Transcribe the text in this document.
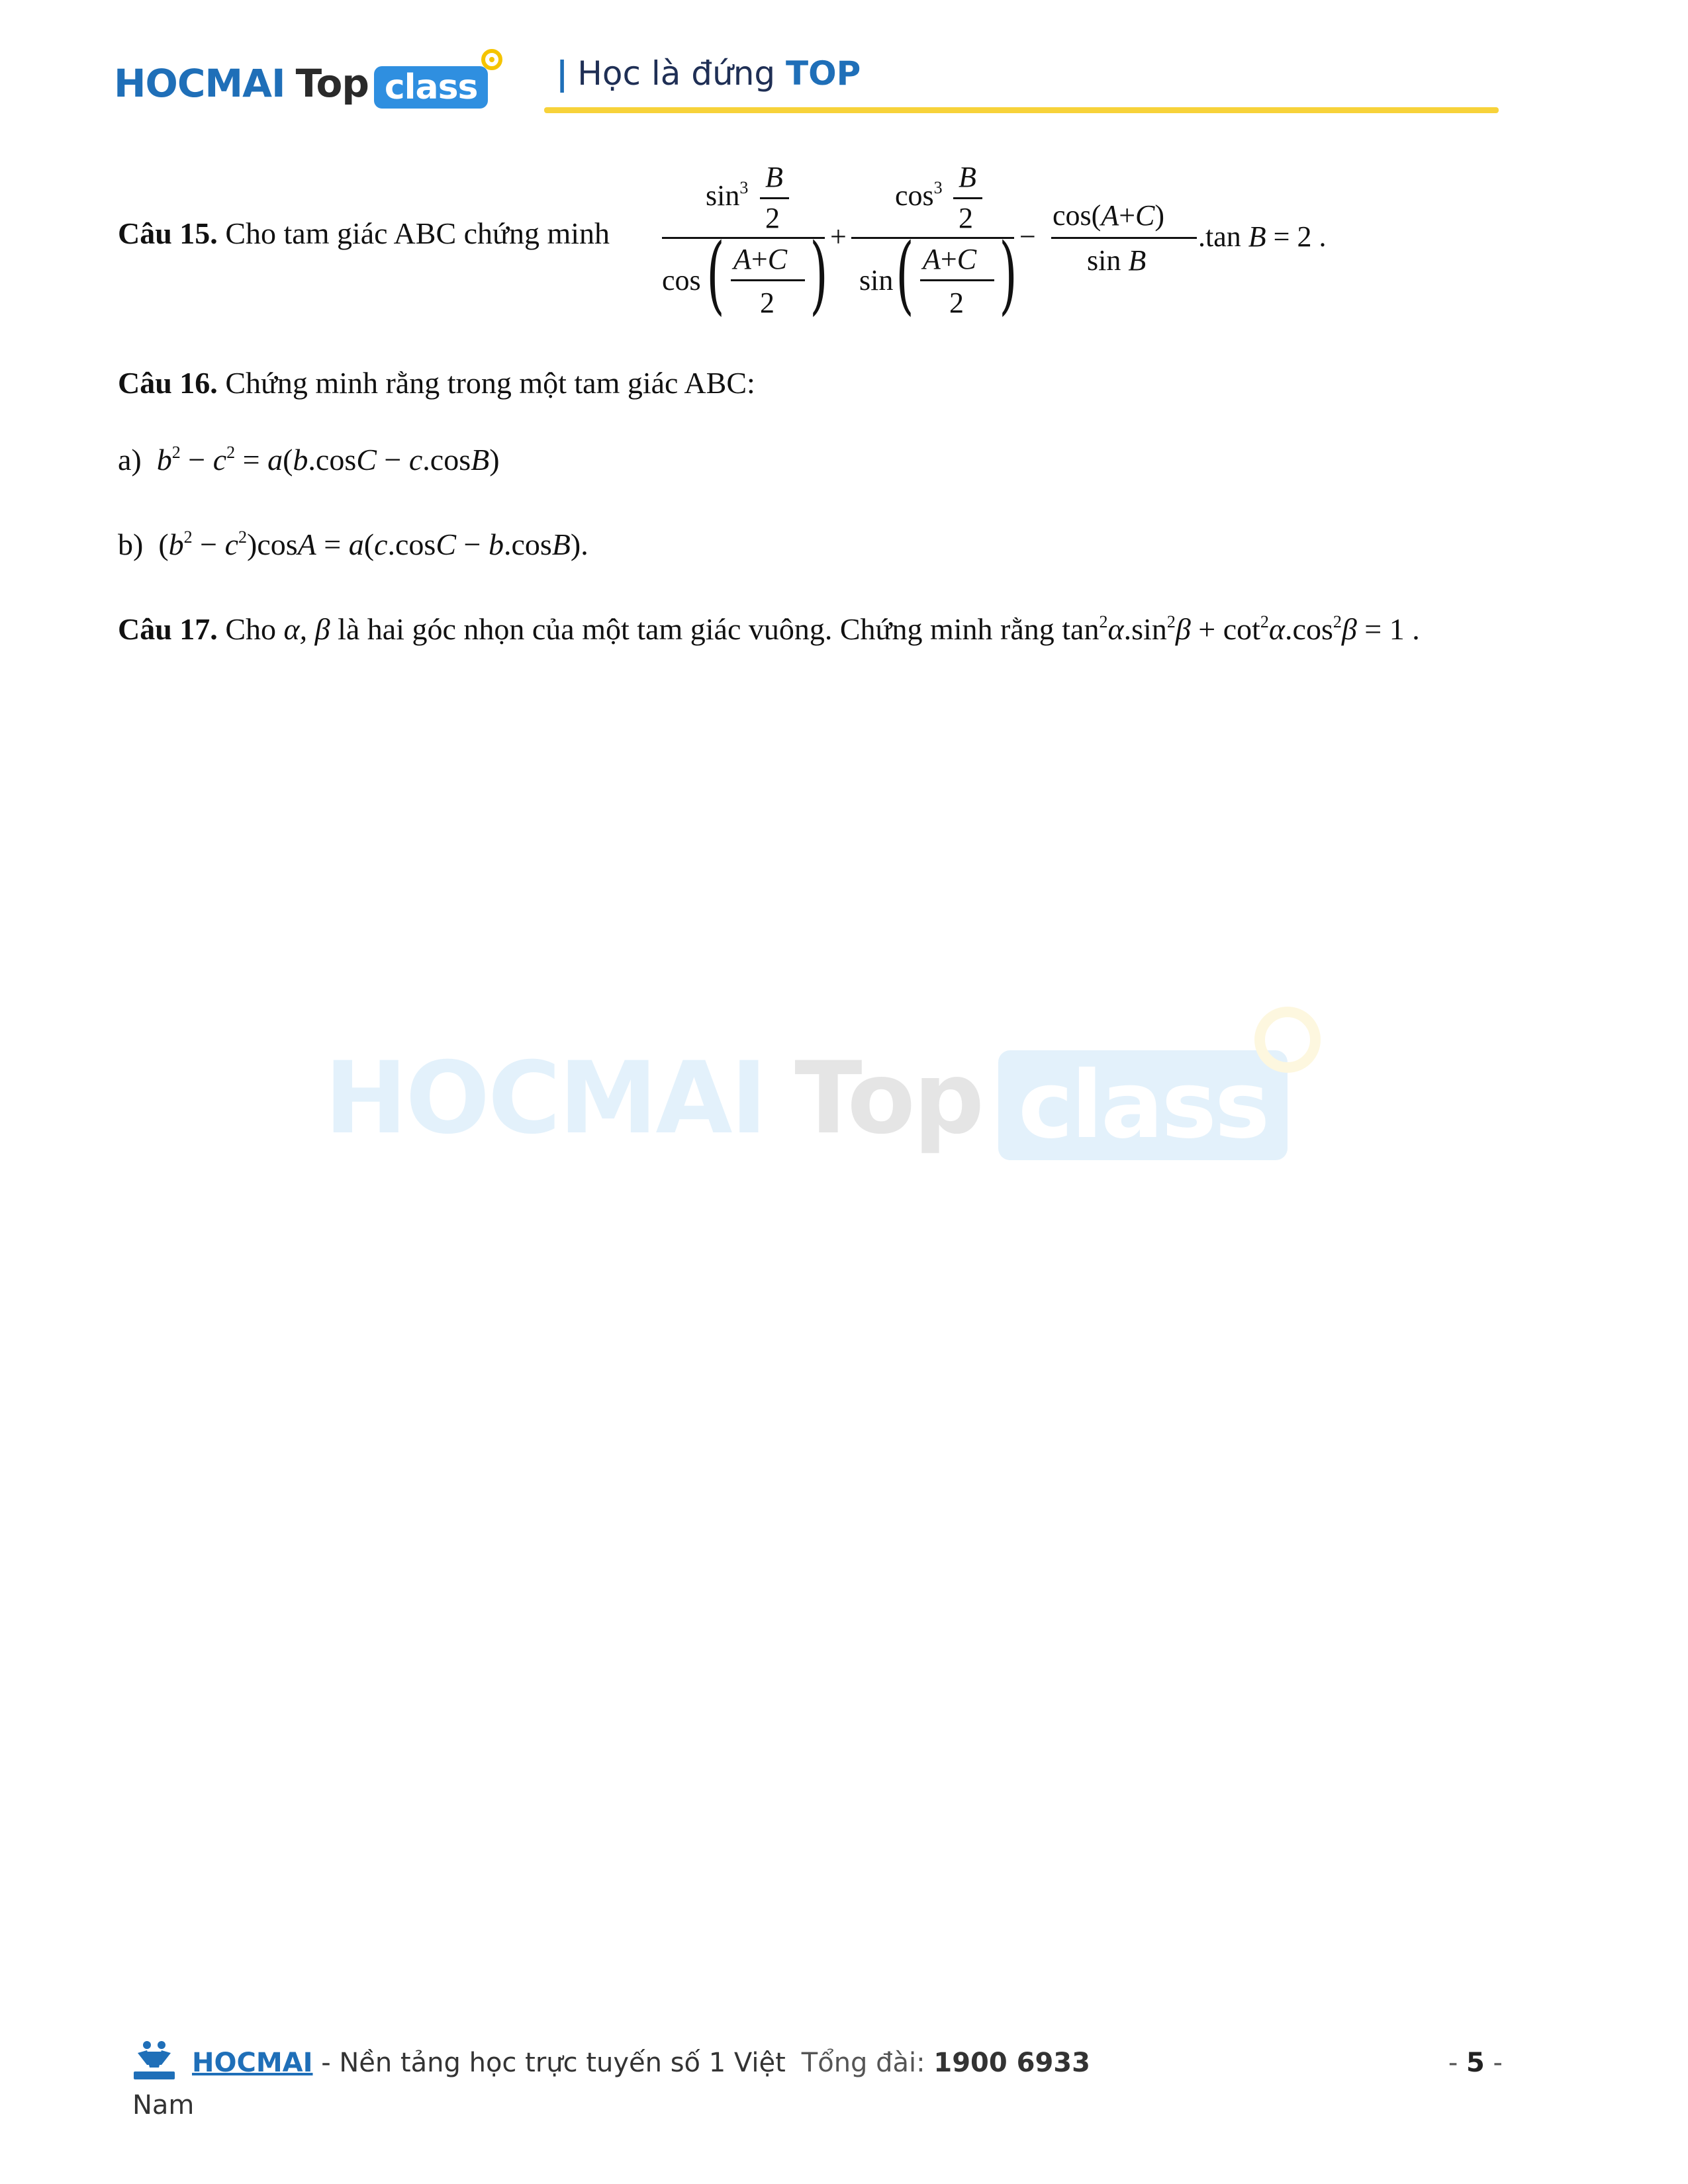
HOCMAI Top class | Học là đứng TOP
Câu 15. Cho tam giác ABC chứng minh
$\sin^3 B$
2
cos ( A+C
2 ) +
$\cos^3 B$
2
sin ( A+C
2 ) −
cos(A+C)
sin B
.tan B = 2 .
Câu 16. Chứng minh rằng trong một tam giác ABC:
a) $b^2 - c^2 = a(b.\cos C - c.\cos B)$
b)  $(b^2 - c^2)\cos A = a(c.\cos C - b.\cos B)$.
Câu 17. Cho α, β là hai góc nhọn của một tam giác vuông. Chứng minh rằng $\tan^2\alpha.\sin^2\beta + \cot^2\alpha.\cos^2\beta = 1$ .
HOCMAI Top class
HOCMAI - Nền tảng học trực tuyến số 1 Việt Tổng đài: 1900 6933	- 5 -
Nam
